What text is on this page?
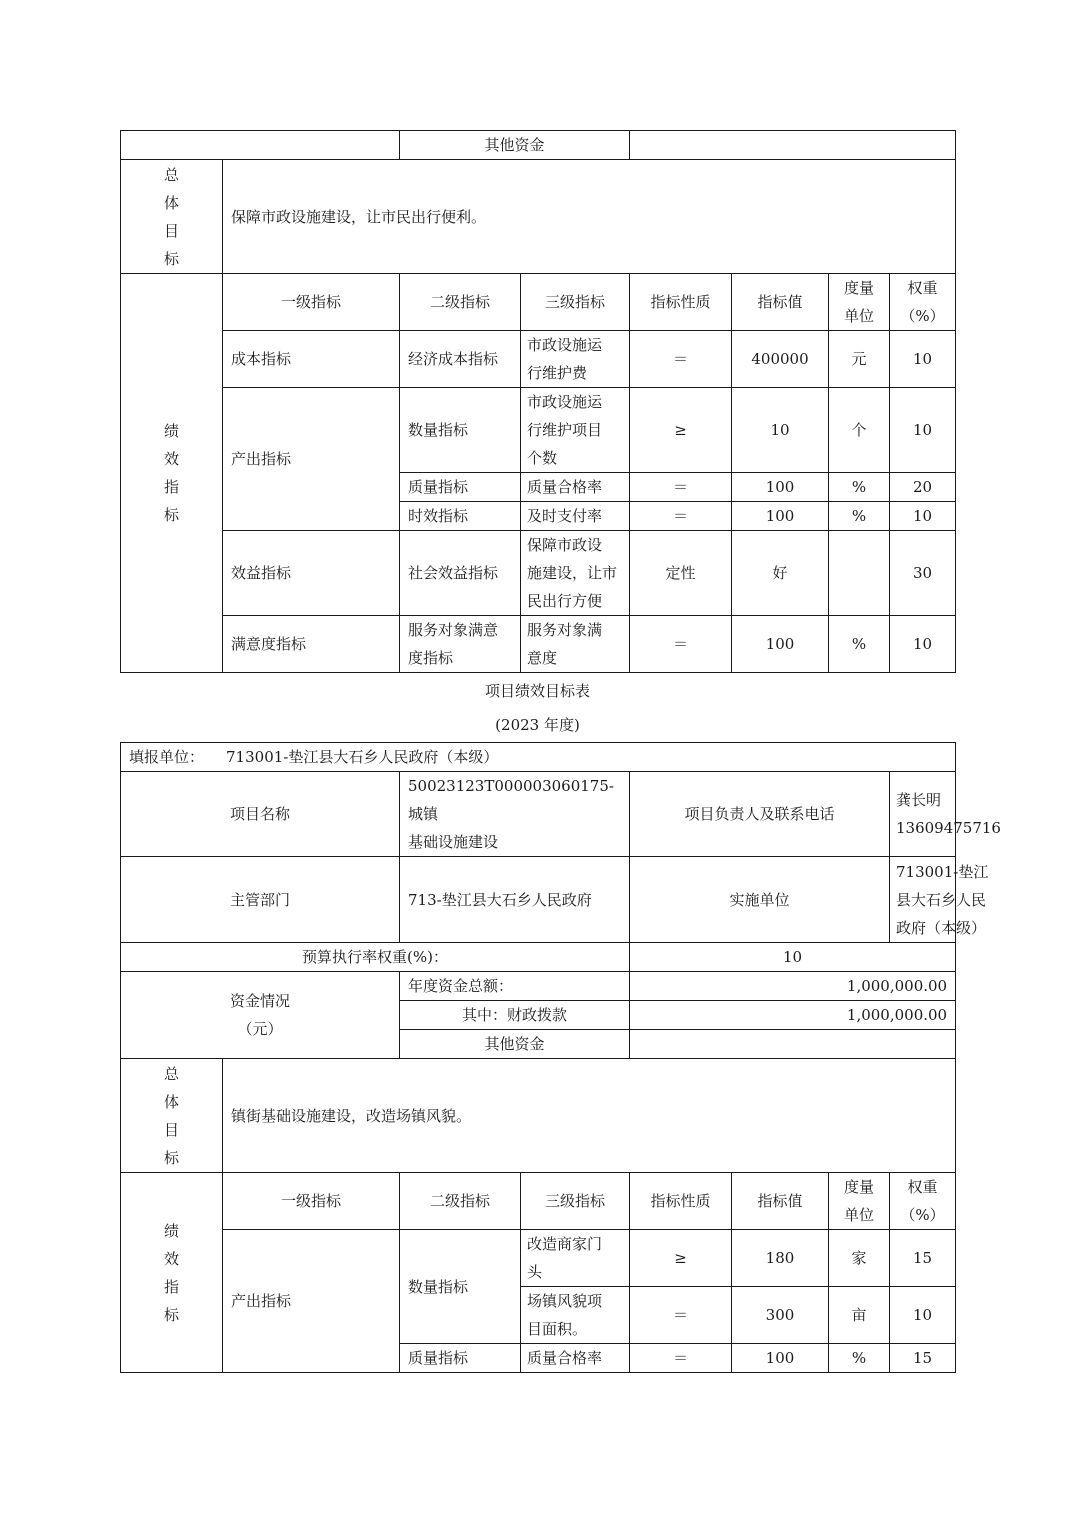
		其他资金					

总
体
目
标	保障市政设施建设，让市民出行便利。						

绩
效
指
标	一级指标	二级指标	三级指标	指标性质	指标值	度量
单位	权重
（%）

	成本指标	经济成本指标	市政设施运
行维护费	＝	400000	元	10
	产出指标	数量指标	市政设施运
行维护项目
个数	≥	10	个	10
		质量指标	质量合格率	＝	100	%	20
		时效指标	及时支付率	＝	100	%	10
	效益指标	社会效益指标	保障市政设
施建设，让市
民出行方便	定性	好		30
	满意度指标	服务对象满意
度指标	服务对象满
意度	＝	100	%	10
项目绩效目标表
(2023 年度)
填报单位： 713001-垫江县大石乡人民政府（本级）							
项目名称		50023123T000003060175-城镇
基础设施建设		项目负责人及联系电话			龚长明
13609475716

主管部门		713-垫江县大石乡人民政府		实施单位			713001-垫江
县大石乡人民
政府（本级）

预算执行率权重(%)：				10			

资金情况
（元）		年度资金总额：		1,000,000.00			
		其中：财政拨款		1,000,000.00			
		其他资金					

总
体
目
标	镇街基础设施建设，改造场镇风貌。						

绩
效
指
标	一级指标	二级指标	三级指标	指标性质	指标值	度量
单位	权重
（%）

	产出指标	数量指标	改造商家门
头	≥	180	家	15

			场镇风貌项
目面积。	＝	300	亩	10
		质量指标	质量合格率	＝	100	%	15
